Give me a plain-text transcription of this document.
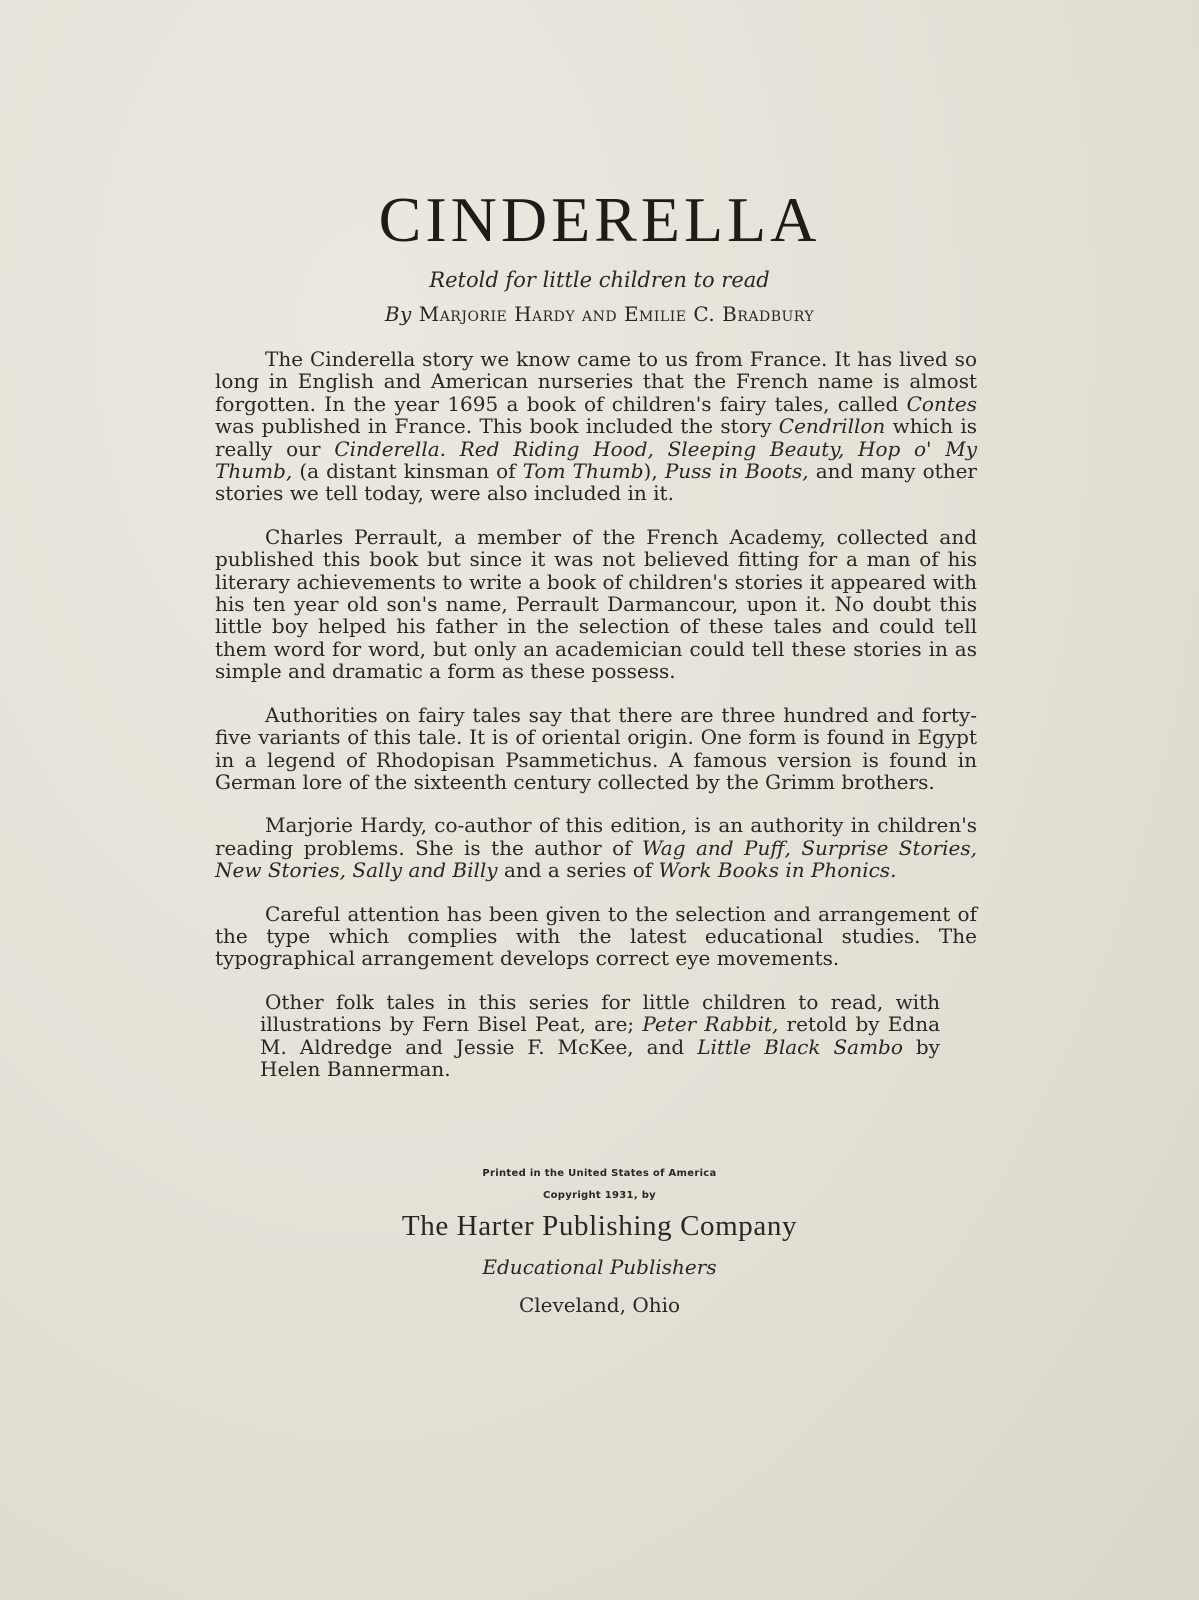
CINDERELLA

Retold for little children to read

By Marjorie Hardy and Emilie C. Bradbury

The Cinderella story we know came to us from France. It has lived so long in English and American nurseries that the French name is almost forgotten. In the year 1695 a book of children's fairy tales, called Contes was published in France. This book included the story Cendrillon which is really our Cinderella. Red Riding Hood, Sleeping Beauty, Hop o' My Thumb, (a distant kinsman of Tom Thumb), Puss in Boots, and many other stories we tell today, were also included in it.

Charles Perrault, a member of the French Academy, collected and published this book but since it was not believed fitting for a man of his literary achievements to write a book of children's stories it appeared with his ten year old son's name, Perrault Darmancour, upon it. No doubt this little boy helped his father in the selection of these tales and could tell them word for word, but only an academician could tell these stories in as simple and dramatic a form as these possess.

Authorities on fairy tales say that there are three hundred and forty-five variants of this tale. It is of oriental origin. One form is found in Egypt in a legend of Rhodopisan Psammetichus. A famous version is found in German lore of the sixteenth century collected by the Grimm brothers.

Marjorie Hardy, co-author of this edition, is an authority in children's reading problems. She is the author of Wag and Puff, Surprise Stories, New Stories, Sally and Billy and a series of Work Books in Phonics.

Careful attention has been given to the selection and arrangement of the type which complies with the latest educational studies. The typographical arrangement develops correct eye movements.

Other folk tales in this series for little children to read, with illustrations by Fern Bisel Peat, are; Peter Rabbit, retold by Edna M. Aldredge and Jessie F. McKee, and Little Black Sambo by Helen Bannerman.

Printed in the United States of America

Copyright 1931, by

The Harter Publishing Company

Educational Publishers

Cleveland, Ohio
